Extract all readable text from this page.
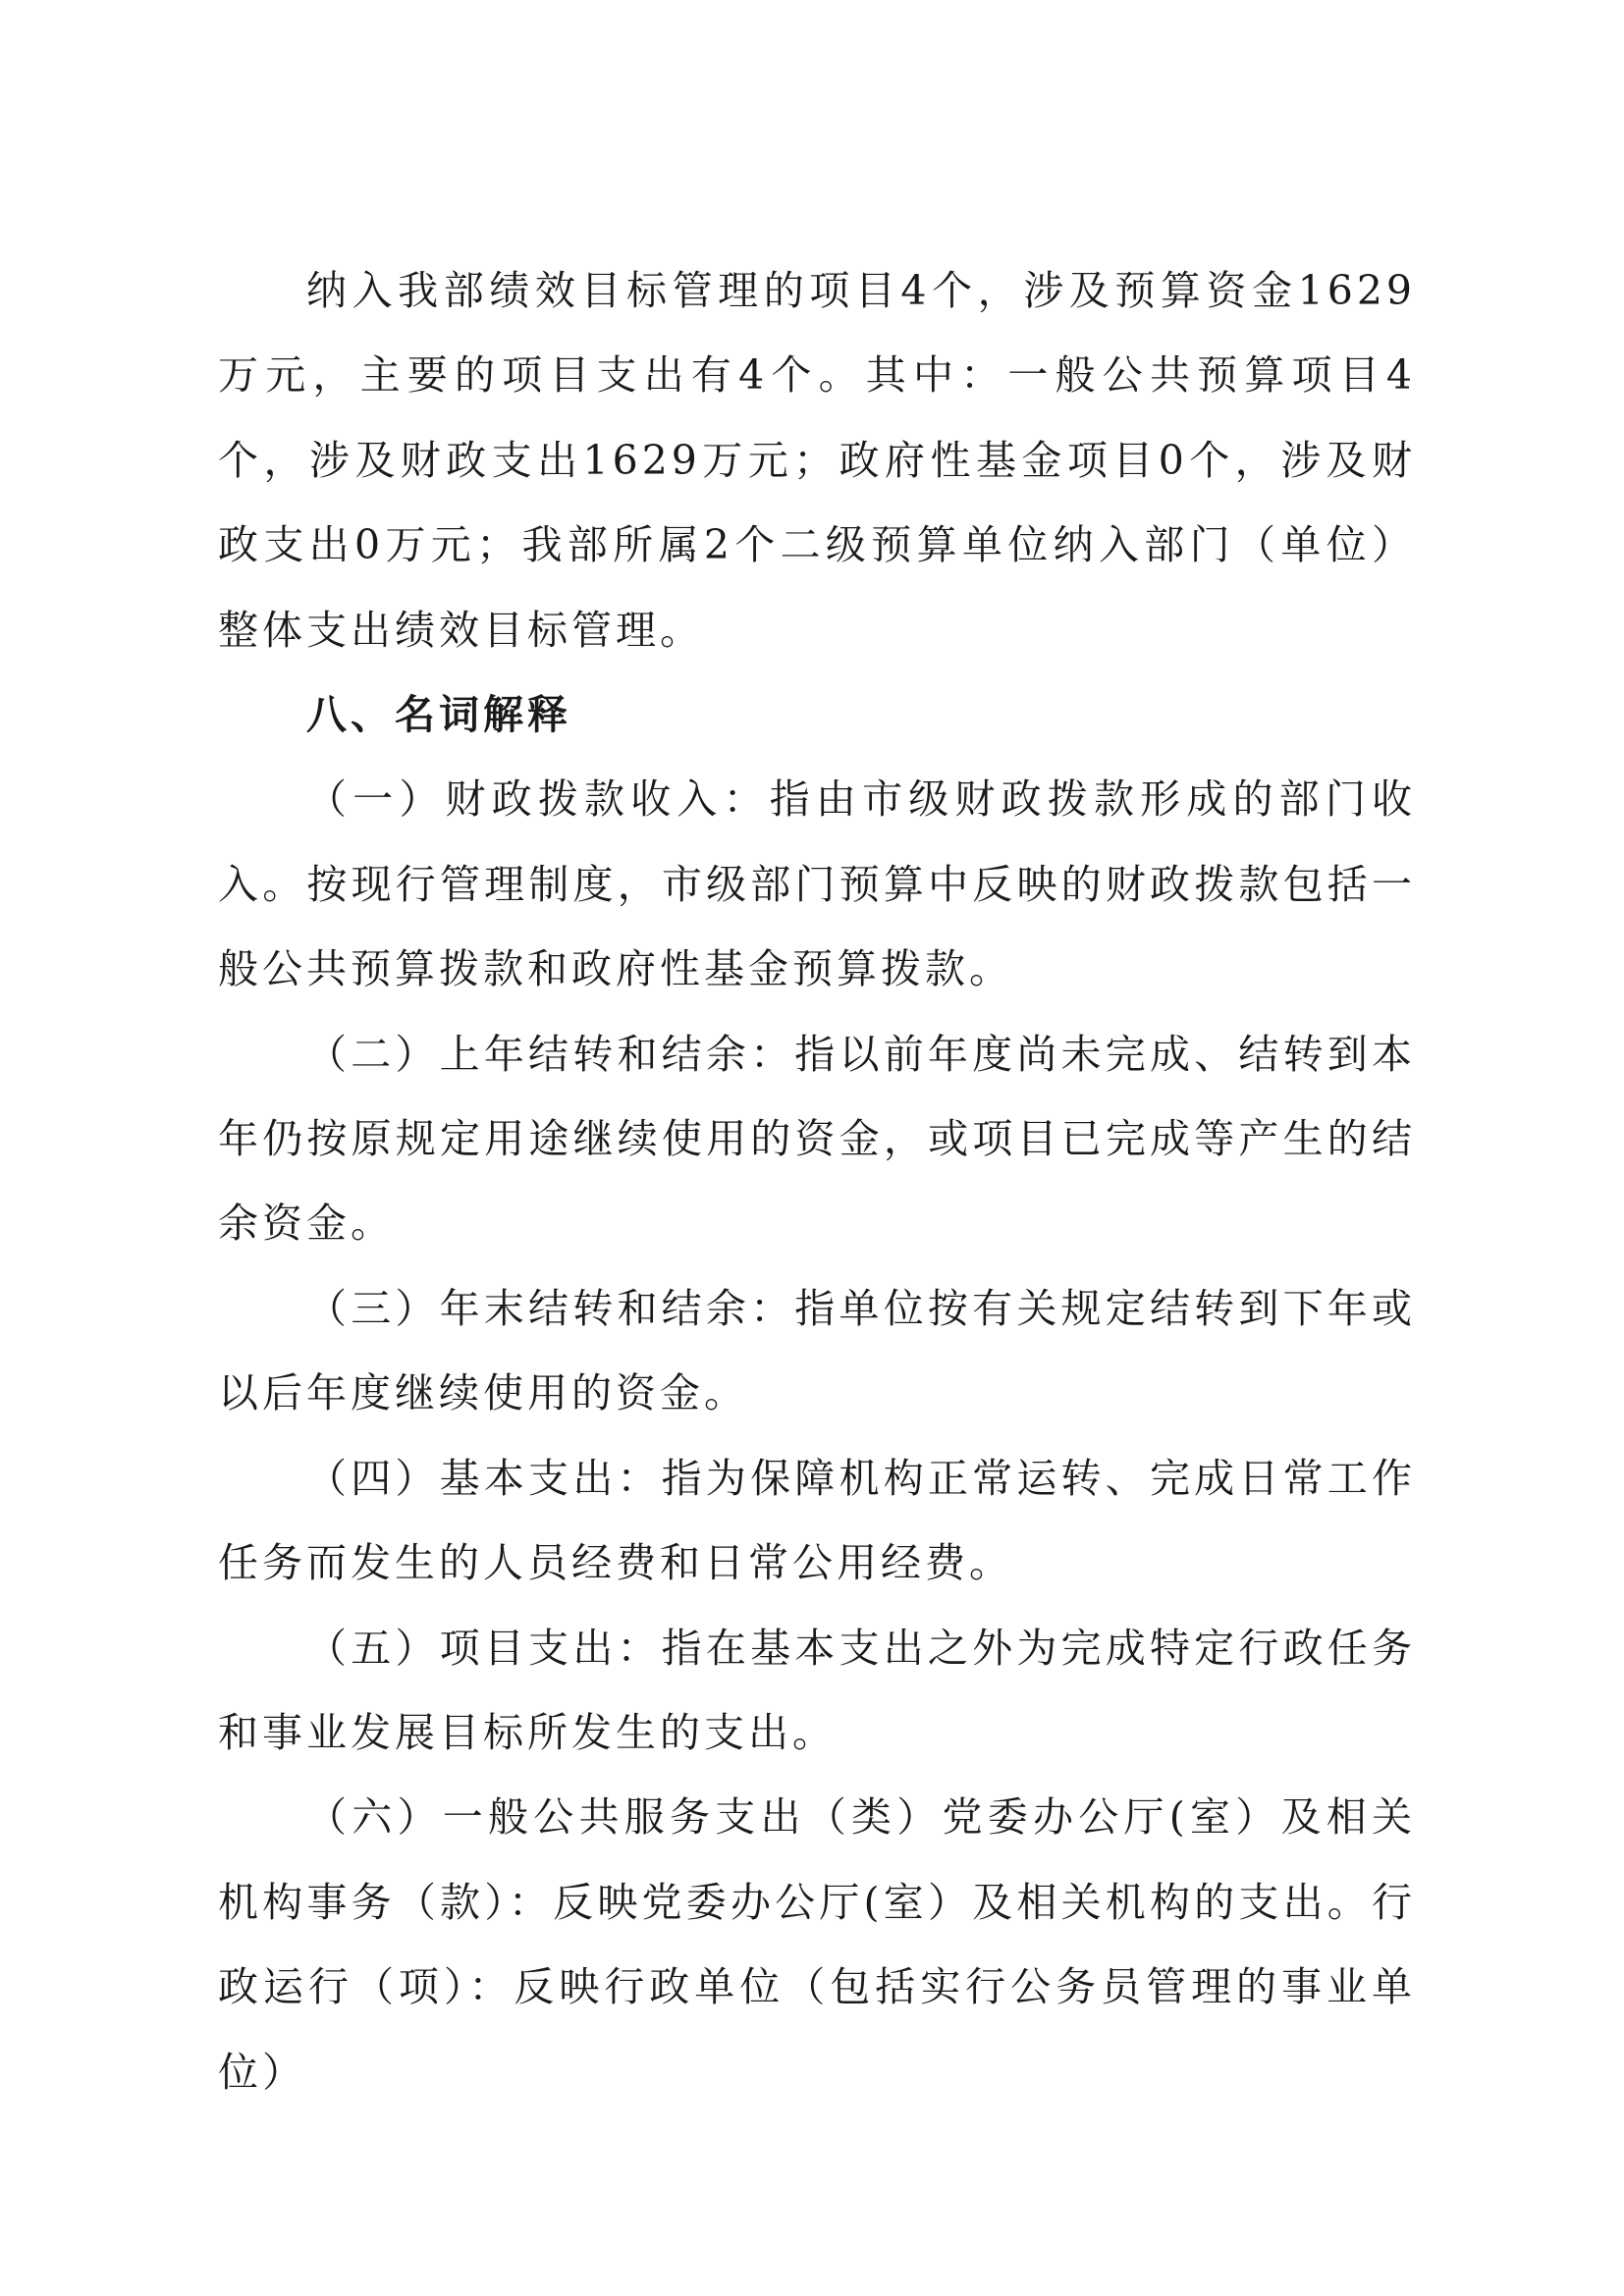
纳入我部绩效目标管理的项目4个，涉及预算资金1629万元，主要的项目支出有4个。其中：一般公共预算项目4个，涉及财政支出1629万元；政府性基金项目0个，涉及财政支出0万元；我部所属2个二级预算单位纳入部门（单位）整体支出绩效目标管理。

八、名词解释

（一）财政拨款收入：指由市级财政拨款形成的部门收入。按现行管理制度，市级部门预算中反映的财政拨款包括一般公共预算拨款和政府性基金预算拨款。

（二）上年结转和结余：指以前年度尚未完成、结转到本年仍按原规定用途继续使用的资金，或项目已完成等产生的结余资金。

（三）年末结转和结余：指单位按有关规定结转到下年或以后年度继续使用的资金。

（四）基本支出：指为保障机构正常运转、完成日常工作任务而发生的人员经费和日常公用经费。

（五）项目支出：指在基本支出之外为完成特定行政任务和事业发展目标所发生的支出。

（六）一般公共服务支出（类）党委办公厅(室）及相关机构事务（款）：反映党委办公厅(室）及相关机构的支出。行政运行（项）：反映行政单位（包括实行公务员管理的事业单位）
